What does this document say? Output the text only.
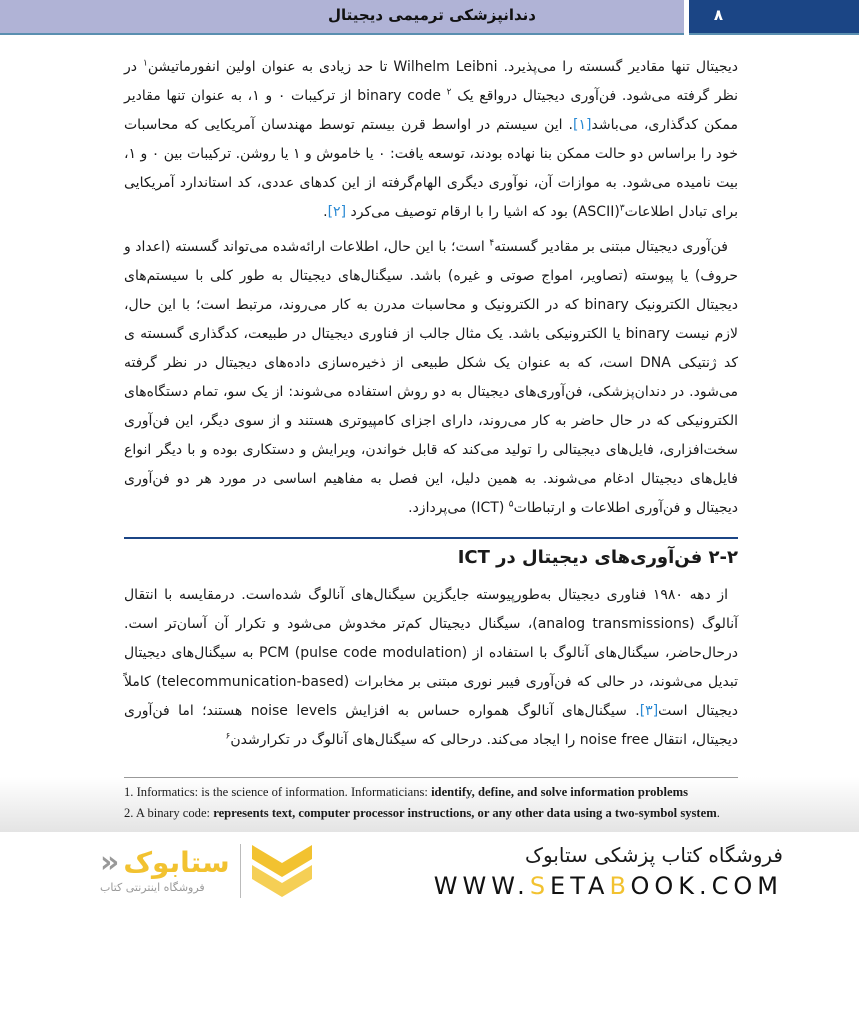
دندانپزشکی ترمیمی دیجیتال	۸

دیجیتال تنها مقادیر گسسته را می‌پذیرد. Wilhelm Leibni تا حد زیادی به عنوان اولین انفورماتیشن$^۱$ در نظر گرفته می‌شود. فن‌آوری دیجیتال درواقع یک binary code $^۲$ از ترکیبات ۰ و ۱، به عنوان تنها مقادیر ممکن کدگذاری، می‌باشد[۱]. این سیستم در اواسط قرن بیستم توسط مهندسان آمریکایی که محاسبات خود را براساس دو حالت ممکن بنا نهاده بودند، توسعه یافت: ۰ یا خاموش و ۱ یا روشن. ترکیبات بین ۰ و ۱، بیت نامیده می‌شود. به موازات آن، نوآوری دیگری الهام‌گرفته از این کدهای عددی، کد استاندارد آمریکایی برای تبادل اطلاعات$^۳$(ASCII) بود که اشیا را با ارقام توصیف می‌کرد [۲].

فن‌آوری دیجیتال مبتنی بر مقادیر گسسته$^۴$ است؛ با این حال، اطلاعات ارائه‌شده می‌تواند گسسته (اعداد و حروف) یا پیوسته (تصاویر، امواج صوتی و غیره) باشد. سیگنال‌های دیجیتال به طور کلی با سیستم‌های دیجیتال الکترونیک binary که در الکترونیک و محاسبات مدرن به کار می‌روند، مرتبط است؛ با این حال، لازم نیست binary یا الکترونیکی باشد. یک مثال جالب از فناوری دیجیتال در طبیعت، کدگذاری گسسته ی کد ژنتیکی DNA است، که به عنوان یک شکل طبیعی از ذخیره‌سازی داده‌های دیجیتال در نظر گرفته می‌شود. در دندان‌پزشکی، فن‌آوری‌های دیجیتال به دو روش استفاده می‌شوند: از یک سو، تمام دستگاه‌های الکترونیکی که در حال حاضر به کار می‌روند، دارای اجزای کامپیوتری هستند و از سوی دیگر، این فن‌آوری سخت‌افزاری، فایل‌های دیجیتالی را تولید می‌کند که قابل خواندن، ویرایش و دستکاری بوده و با دیگر انواع فایل‌های دیجیتال ادغام می‌شوند. به همین دلیل، این فصل به مفاهیم اساسی در مورد هر دو فن‌آوری دیجیتال و فن‌آوری اطلاعات و ارتباطات$^۵$ (ICT) می‌پردازد.

۲-۲ فن‌آوری‌های دیجیتال در ICT

از دهه ۱۹۸۰ فناوری دیجیتال به‌طورپیوسته جایگزین سیگنال‌های آنالوگ شده‌است. درمقایسه با انتقال آنالوگ (analog transmissions)، سیگنال دیجیتال کم‌تر مخدوش می‌شود و تکرار آن آسان‌تر است. درحال‌حاضر، سیگنال‌های آنالوگ با استفاده از PCM (pulse code modulation) به سیگنال‌های دیجیتال تبدیل می‌شوند، در حالی که فن‌آوری فیبر نوری مبتنی بر مخابرات (telecommunication-based) کاملاً دیجیتال است[۳]. سیگنال‌های آنالوگ همواره حساس به افزایش noise levels هستند؛ اما فن‌آوری دیجیتال، انتقال noise free را ایجاد می‌کند. درحالی که سیگنال‌های آنالوگ در تکرارشدن$^۶$

1. Informatics: is the science of information. Informaticians: identify, define, and solve information problems
2. A binary code: represents text, computer processor instructions, or any other data using a two-symbol system.
ستابوک
«
فروشگاه اینترنتی کتاب
فروشگاه کتاب پزشکی ستابوک
WWW.SETABOOK.COM
